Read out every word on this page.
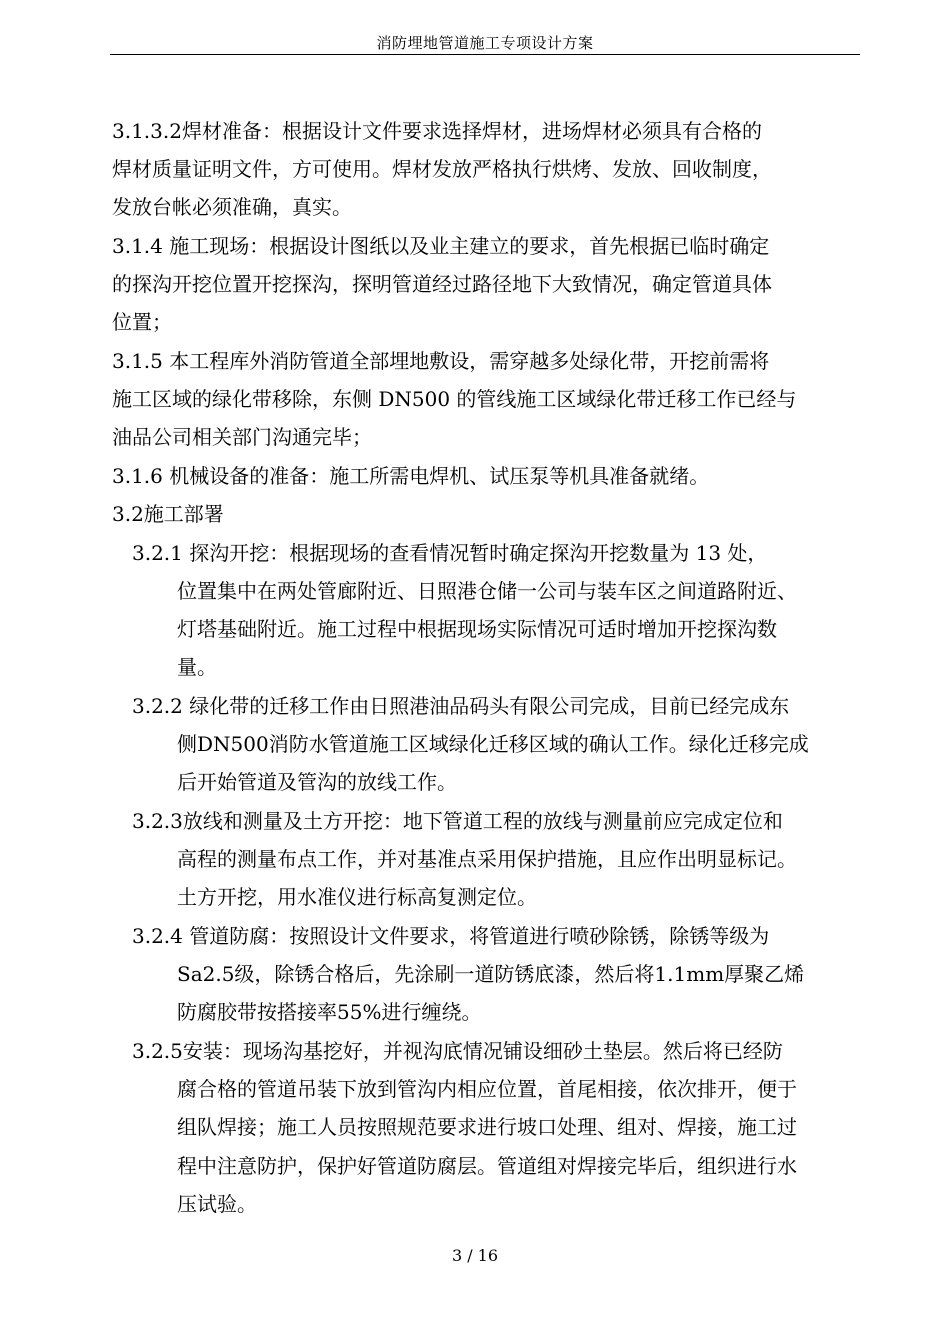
消防埋地管道施工专项设计方案
3.1.3.2焊材准备：根据设计文件要求选择焊材，进场焊材必须具有合格的
焊材质量证明文件，方可使用。焊材发放严格执行烘烤、发放、回收制度，
发放台帐必须准确，真实。
3.1.4 施工现场：根据设计图纸以及业主建立的要求，首先根据已临时确定
的探沟开挖位置开挖探沟，探明管道经过路径地下大致情况，确定管道具体
位置；
3.1.5 本工程库外消防管道全部埋地敷设，需穿越多处绿化带，开挖前需将
施工区域的绿化带移除，东侧 DN500 的管线施工区域绿化带迁移工作已经与
油品公司相关部门沟通完毕；
3.1.6 机械设备的准备：施工所需电焊机、试压泵等机具准备就绪。
3.2施工部署
3.2.1 探沟开挖：根据现场的查看情况暂时确定探沟开挖数量为 13 处，
位置集中在两处管廊附近、日照港仓储一公司与装车区之间道路附近、
灯塔基础附近。施工过程中根据现场实际情况可适时增加开挖探沟数
量。
3.2.2 绿化带的迁移工作由日照港油品码头有限公司完成，目前已经完成东
侧DN500消防水管道施工区域绿化迁移区域的确认工作。绿化迁移完成
后开始管道及管沟的放线工作。
3.2.3放线和测量及土方开挖：地下管道工程的放线与测量前应完成定位和
高程的测量布点工作，并对基准点采用保护措施，且应作出明显标记。
土方开挖，用水准仪进行标高复测定位。
3.2.4 管道防腐：按照设计文件要求，将管道进行喷砂除锈，除锈等级为
Sa2.5级，除锈合格后，先涂刷一道防锈底漆，然后将1.1mm厚聚乙烯
防腐胶带按搭接率55%进行缠绕。
3.2.5安装：现场沟基挖好，并视沟底情况铺设细砂土垫层。然后将已经防
腐合格的管道吊装下放到管沟内相应位置，首尾相接，依次排开，便于
组队焊接；施工人员按照规范要求进行坡口处理、组对、焊接，施工过
程中注意防护，保护好管道防腐层。管道组对焊接完毕后，组织进行水
压试验。
3 / 16
